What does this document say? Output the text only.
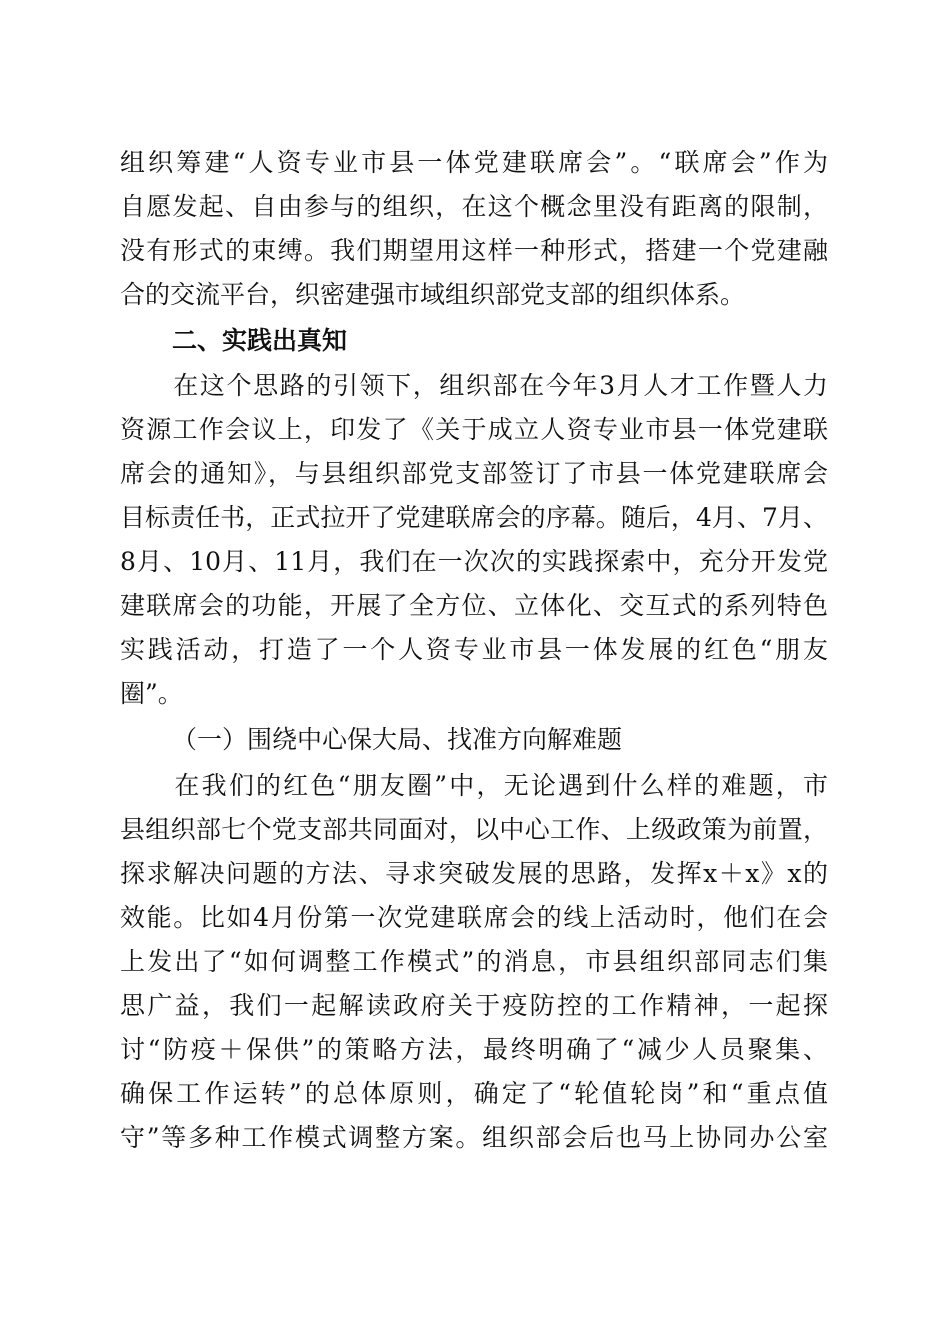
组织筹建“人资专业市县一体党建联席会”。“联席会”作为
自愿发起、自由参与的组织，在这个概念里没有距离的限制，
没有形式的束缚。我们期望用这样一种形式，搭建一个党建融
合的交流平台，织密建强市域组织部党支部的组织体系。
二、实践出真知
　　在这个思路的引领下，组织部在今年3月人才工作暨人力
资源工作会议上，印发了《关于成立人资专业市县一体党建联
席会的通知》，与县组织部党支部签订了市县一体党建联席会
目标责任书，正式拉开了党建联席会的序幕。随后，4月、7月、
8月、10月、11月，我们在一次次的实践探索中，充分开发党
建联席会的功能，开展了全方位、立体化、交互式的系列特色
实践活动，打造了一个人资专业市县一体发展的红色“朋友
圈”。
（一）围绕中心保大局、找准方向解难题
　　在我们的红色“朋友圈”中，无论遇到什么样的难题，市
县组织部七个党支部共同面对，以中心工作、上级政策为前置，
探求解决问题的方法、寻求突破发展的思路，发挥x＋x》x的
效能。比如4月份第一次党建联席会的线上活动时，他们在会
上发出了“如何调整工作模式”的消息，市县组织部同志们集
思广益，我们一起解读政府关于疫防控的工作精神，一起探
讨“防疫＋保供”的策略方法，最终明确了“减少人员聚集、
确保工作运转”的总体原则，确定了“轮值轮岗”和“重点值
守”等多种工作模式调整方案。组织部会后也马上协同办公室
